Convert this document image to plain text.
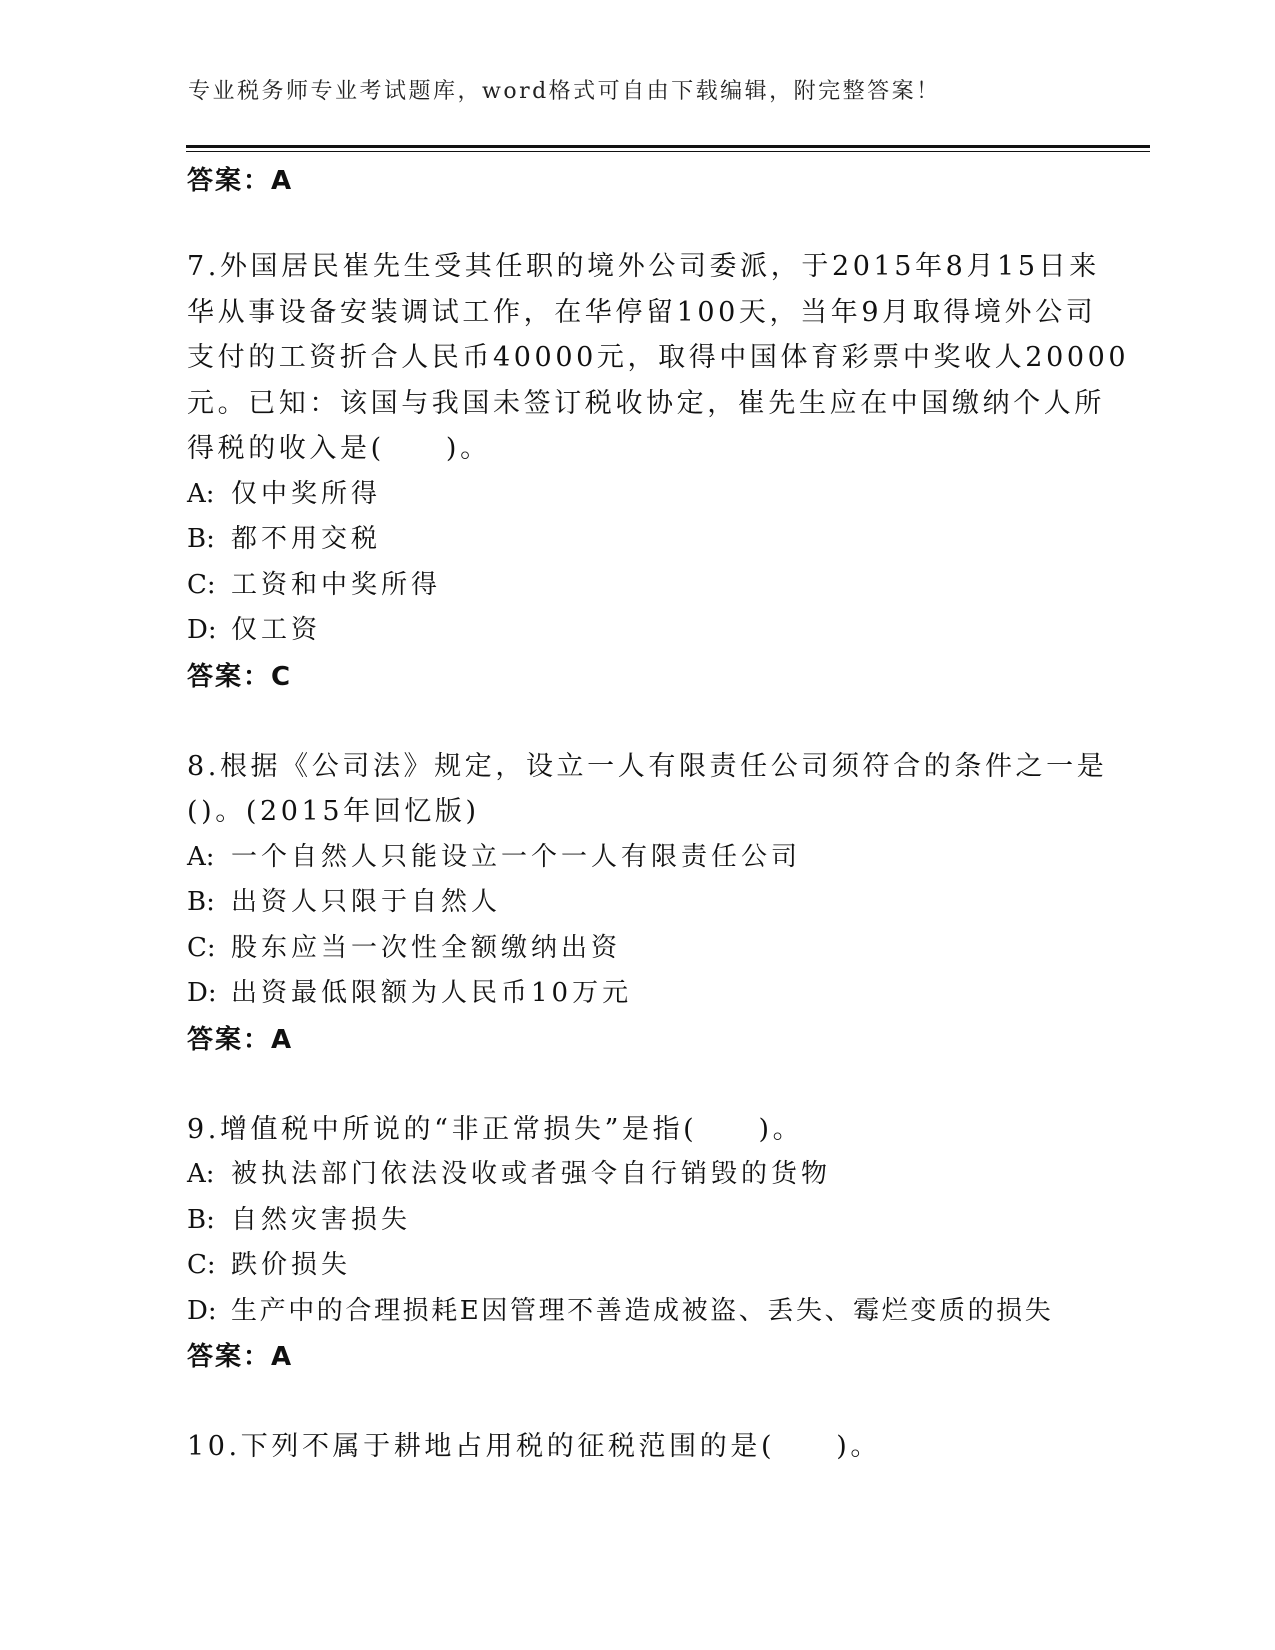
专业税务师专业考试题库，word格式可自由下载编辑，附完整答案！
答案：A
7.外国居民崔先生受其任职的境外公司委派，于2015年8月15日来
华从事设备安装调试工作，在华停留100天，当年9月取得境外公司
支付的工资折合人民币40000元，取得中国体育彩票中奖收人20000
元。已知：该国与我国未签订税收协定，崔先生应在中国缴纳个人所
得税的收入是(　　)。
A: 仅中奖所得
B: 都不用交税
C: 工资和中奖所得
D: 仅工资
答案：C
8.根据《公司法》规定，设立一人有限责任公司须符合的条件之一是
()。(2015年回忆版)
A: 一个自然人只能设立一个一人有限责任公司
B: 出资人只限于自然人
C: 股东应当一次性全额缴纳出资
D: 出资最低限额为人民币10万元
答案：A
9.增值税中所说的“非正常损失”是指(　　)。
A: 被执法部门依法没收或者强令自行销毁的货物
B: 自然灾害损失
C: 跌价损失
D: 生产中的合理损耗E因管理不善造成被盗、丢失、霉烂变质的损失
答案：A
10.下列不属于耕地占用税的征税范围的是(　　)。
